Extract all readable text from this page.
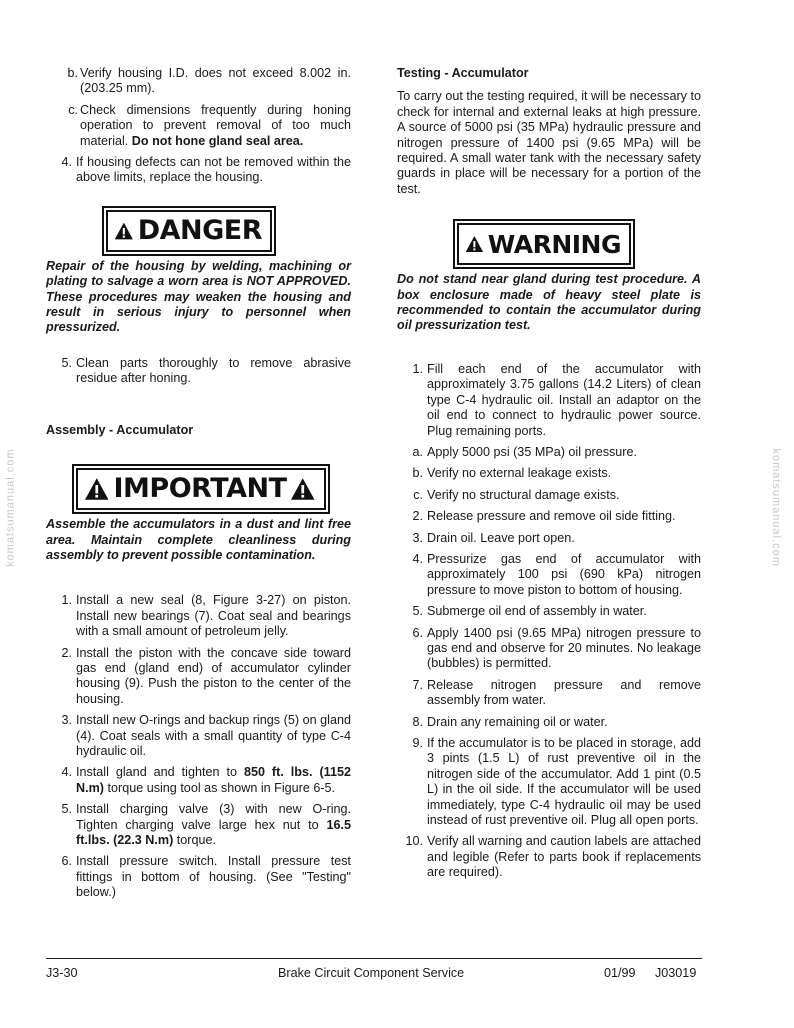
komatsumanual.com	komatsumanual.com
b. Verify housing I.D. does not exceed 8.002 in. (203.25 mm).
c. Check dimensions frequently during honing operation to prevent removal of too much material. Do not hone gland seal area.
4. If housing defects can not be removed within the above limits, replace the housing.
DANGER

Repair of the housing by welding, machining or plating to salvage a worn area is NOT APPROVED. These procedures may weaken the housing and result in serious injury to personnel when pressurized.

5. Clean parts thoroughly to remove abrasive residue after honing.

Assembly - Accumulator

IMPORTANT

Assemble the accumulators in a dust and lint free area. Maintain complete cleanliness during assembly to prevent possible contamination.

1. Install a new seal (8, Figure 3-27) on piston. Install new bearings (7). Coat seal and bearings with a small amount of petroleum jelly.
2. Install the piston with the concave side toward gas end (gland end) of accumulator cylinder housing (9). Push the piston to the center of the housing.
3. Install new O-rings and backup rings (5) on gland (4). Coat seals with a small quantity of type C-4 hydraulic oil.
4. Install gland and tighten to 850 ft. lbs. (1152 N.m) torque using tool as shown in Figure 6-5.
5. Install charging valve (3) with new O-ring. Tighten charging valve large hex nut to 16.5 ft.lbs. (22.3 N.m) torque.
6. Install pressure switch. Install pressure test fittings in bottom of housing. (See "Testing" below.)

Testing - Accumulator

To carry out the testing required, it will be necessary to check for internal and external leaks at high pressure. A source of 5000 psi (35 MPa) hydraulic pressure and nitrogen pressure of 1400 psi (9.65 MPa) will be required. A small water tank with the necessary safety guards in place will be necessary for a portion of the test.

WARNING

Do not stand near gland during test procedure. A box enclosure made of heavy steel plate is recommended to contain the accumulator during oil pressurization test.

1. Fill each end of the accumulator with approximately 3.75 gallons (14.2 Liters) of clean type C-4 hydraulic oil. Install an adaptor on the oil end to connect to hydraulic power source. Plug remaining ports.
a. Apply 5000 psi (35 MPa) oil pressure.
b. Verify no external leakage exists.
c. Verify no structural damage exists.
2. Release pressure and remove oil side fitting.
3. Drain oil. Leave port open.
4. Pressurize gas end of accumulator with approximately 100 psi (690 kPa) nitrogen pressure to move piston to bottom of housing.
5. Submerge oil end of assembly in water.
6. Apply 1400 psi (9.65 MPa) nitrogen pressure to gas end and observe for 20 minutes. No leakage (bubbles) is permitted.
7. Release nitrogen pressure and remove assembly from water.
8. Drain any remaining oil or water.
9. If the accumulator is to be placed in storage, add 3 pints (1.5 L) of rust preventive oil in the nitrogen side of the accumulator. Add 1 pint (0.5 L) in the oil side. If the accumulator will be used immediately, type C-4 hydraulic oil may be used instead of rust preventive oil. Plug all open ports.
10. Verify all warning and caution labels are attached and legible (Refer to parts book if replacements are required).
J3-30	Brake Circuit Component Service	01/99 J03019
